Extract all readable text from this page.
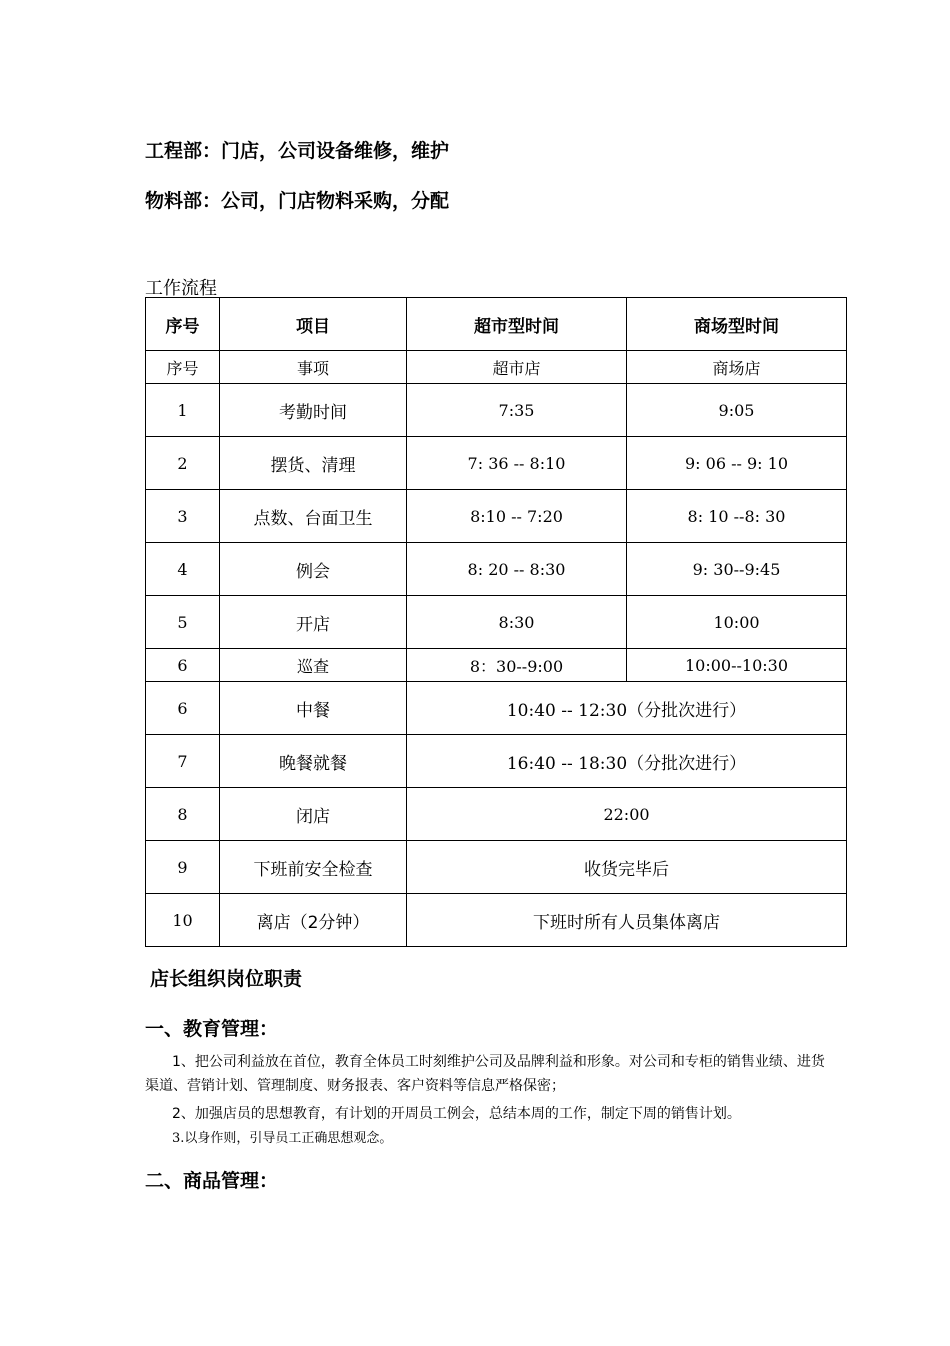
工程部：门店，公司设备维修，维护
物料部：公司，门店物料采购，分配
工作流程
序号	项目	超市型时间	商场型时间
序号	事项	超市店	商场店
1	考勤时间	7:35	9:05
2	摆货、清理	7: 36 -- 8:10	9: 06 -- 9: 10
3	点数、台面卫生	8:10 -- 7:20	8: 10 --8: 30
4	例会	8: 20 -- 8:30	9: 30--9:45
5	开店	8:30	10:00
6	巡查	8：30--9:00	10:00--10:30
6	中餐	10:40 -- 12:30（分批次进行）	
7	晚餐就餐	16:40 -- 18:30（分批次进行）	
8	闭店	22:00	
9	下班前安全检查	收货完毕后	
10	离店（2分钟）	下班时所有人员集体离店	
店长组织岗位职责
一、教育管理：
1、把公司利益放在首位，教育全体员工时刻维护公司及品牌利益和形象。对公司和专柜的销售业绩、进货渠道、营销计划、管理制度、财务报表、客户资料等信息严格保密；
2、加强店员的思想教育，有计划的开周员工例会，总结本周的工作，制定下周的销售计划。
3.以身作则，引导员工正确思想观念。
二、商品管理：
